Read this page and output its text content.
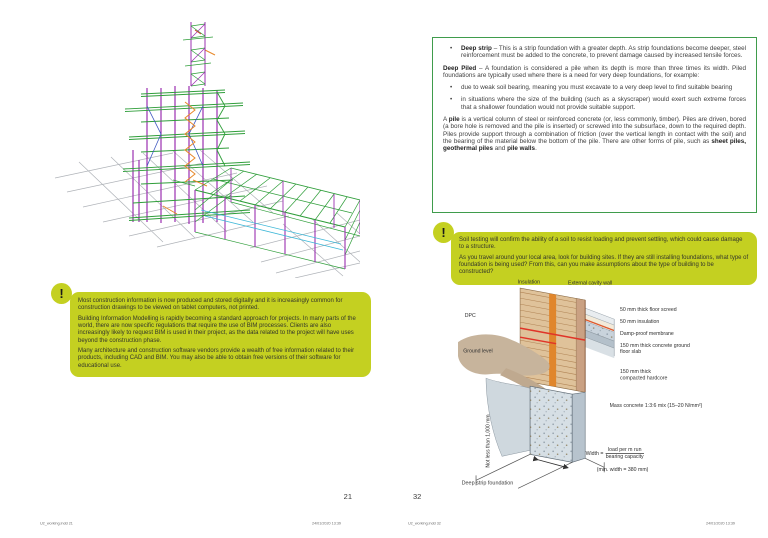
!	Most construction information is now produced and stored digitally and it is increasingly common for construction drawings to be viewed on tablet computers, not printed.

Building Information Modelling is rapidly becoming a standard approach for projects. In many parts of the world, there are now specific regulations that require the use of BIM processes. Clients are also increasingly likely to request BIM is used in their project, as the data related to the project will have uses beyond the construction phase.

Many architecture and construction software vendors provide a wealth of free information related to their products, including CAD and BIM. You may also be able to obtain free versions of their software for educational use.

21
• Deep strip – This is a strip foundation with a greater depth. As strip foundations become deeper, steel reinforcement must be added to the concrete, to prevent damage caused by increased tensile forces.

Deep Piled – A foundation is considered a pile when its depth is more than three times its width. Piled foundations are typically used where there is a need for very deep foundations, for example:

• due to weak soil bearing, meaning you must excavate to a very deep level to find suitable bearing
• in situations where the size of the building (such as a skyscraper) would exert such extreme forces that a shallower foundation would not provide suitable support.

A pile is a vertical column of steel or reinforced concrete (or, less commonly, timber). Piles are driven, bored (a bore hole is removed and the pile is inserted) or screwed into the subsurface, down to the required depth. Piles provide support through a combination of friction (over the vertical length in contact with the soil) and the bearing of the material below the bottom of the pile. There are other forms of pile, such as sheet piles, geothermal piles and pile walls.

!	Soil testing will confirm the ability of a soil to resist loading and prevent settling, which could cause damage to a structure.

As you travel around your local area, look for building sites. If they are still installing foundations, what type of foundation is being used? From this, can you make assumptions about the type of building to be constructed?

Insulation	External cavity wall
DPC
Ground level
50 mm thick floor screed
50 mm insulation
Damp-proof membrane
150 mm thick concrete ground floor slab
150 mm thick compacted hardcore
Mass concrete 1:3:6 mix (15–20 N/mm²)
Not less than 1,000 mm	Width = $\frac{\text{load per m run}}{\text{bearing capacity}}$
(min. width = 380 mm)
Deep strip foundation
32
U2_working.indd 21	24/01/2020 13:39	U2_working.indd 32	24/01/2020 13:39
